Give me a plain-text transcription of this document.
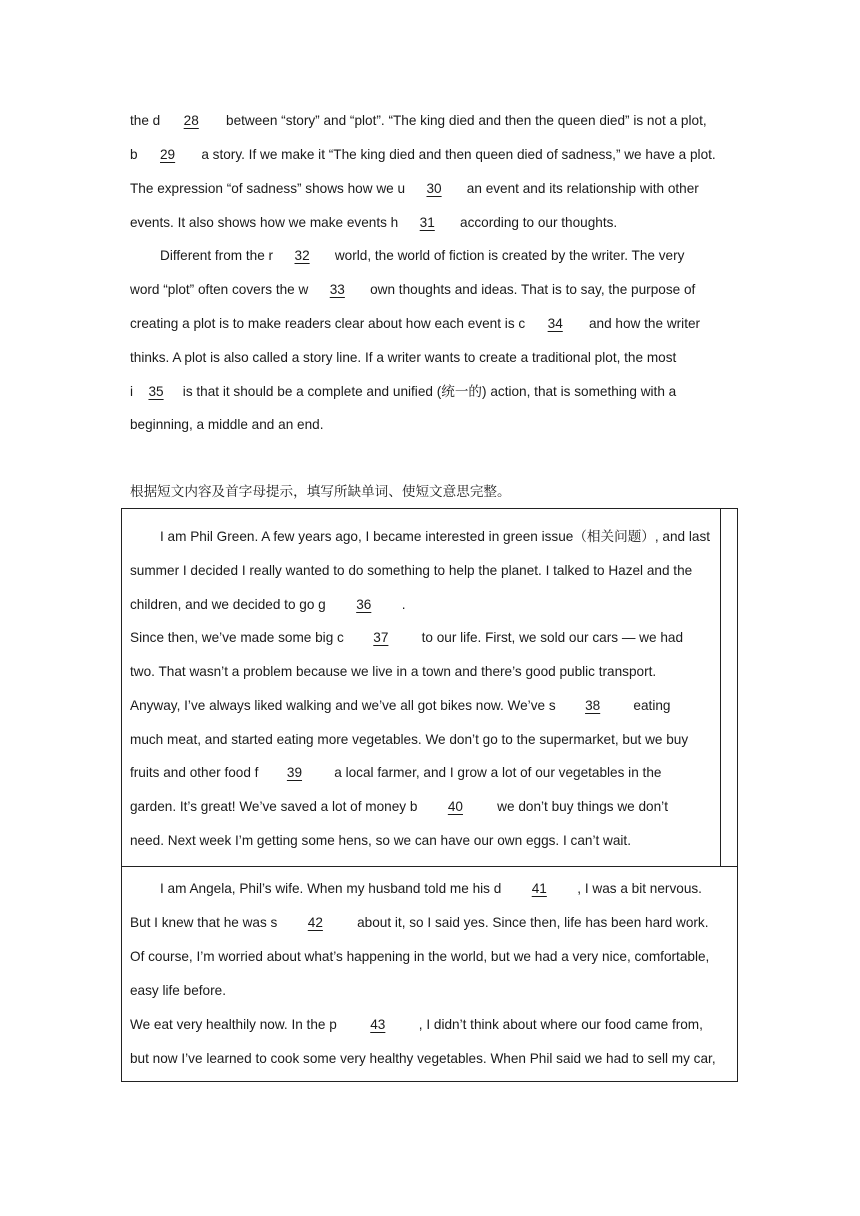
the d 28 between “story” and “plot”. “The king died and then the queen died” is not a plot,
b 29 a story. If we make it “The king died and then queen died of sadness,” we have a plot.
The expression “of sadness” shows how we u 30 an event and its relationship with other
events. It also shows how we make events h 31 according to our thoughts.
Different from the r 32 world, the world of fiction is created by the writer. The very
word “plot” often covers the w 33 own thoughts and ideas. That is to say, the purpose of
creating a plot is to make readers clear about how each event is c 34 and how the writer
thinks. A plot is also called a story line. If a writer wants to create a traditional plot, the most
i 35 is that it should be a complete and unified (统一的) action, that is something with a
beginning, a middle and an end.
根据短文内容及首字母提示，填写所缺单词、使短文意思完整。
I am Phil Green. A few years ago, I became interested in green issue（相关问题）, and last
summer I decided I really wanted to do something to help the planet. I talked to Hazel and the
children, and we decided to go g 36 .
Since then, we’ve made some big c 37 to our life. First, we sold our cars — we had
two. That wasn’t a problem because we live in a town and there’s good public transport.
Anyway, I’ve always liked walking and we’ve all got bikes now. We’ve s 38 eating
much meat, and started eating more vegetables. We don’t go to the supermarket, but we buy
fruits and other food f 39 a local farmer, and I grow a lot of our vegetables in the
garden. It’s great! We’ve saved a lot of money b 40 we don’t buy things we don’t
need. Next week I’m getting some hens, so we can have our own eggs. I can’t wait.
I am Angela, Phil’s wife. When my husband told me his d 41 , I was a bit nervous.
But I knew that he was s 42 about it, so I said yes. Since then, life has been hard work.
Of course, I’m worried about what’s happening in the world, but we had a very nice, comfortable,
easy life before.
We eat very healthily now. In the p 43 , I didn’t think about where our food came from,
but now I’ve learned to cook some very healthy vegetables. When Phil said we had to sell my car,
